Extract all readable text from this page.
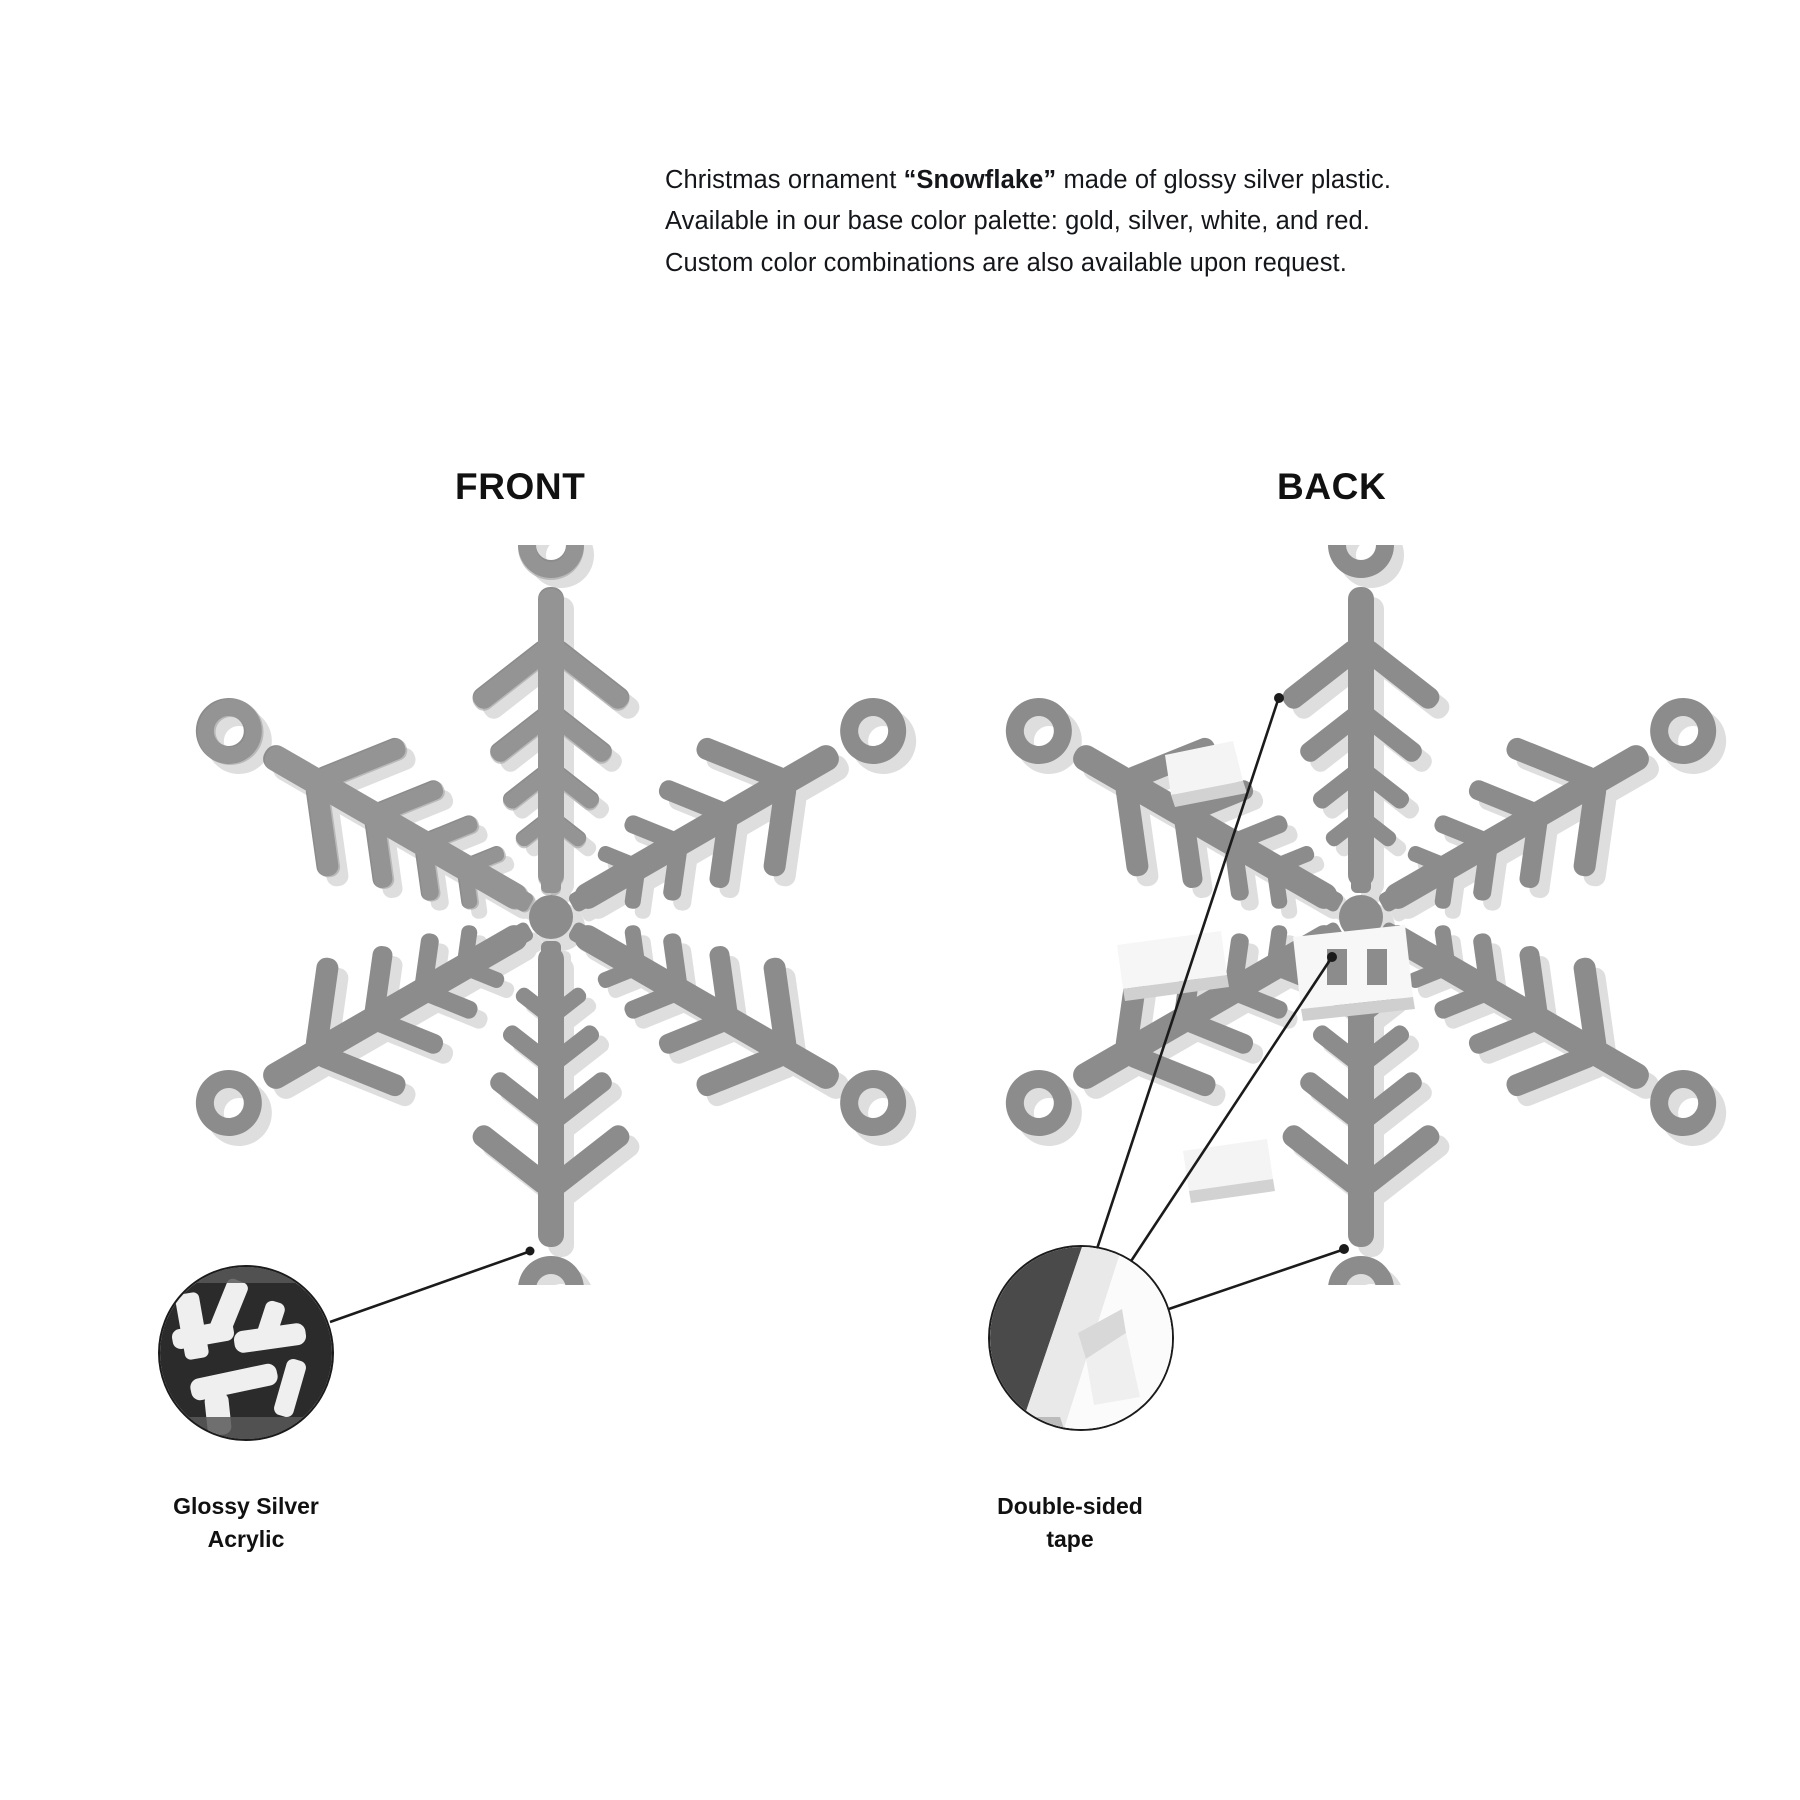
Christmas ornament “Snowflake” made of glossy silver plastic.
Available in our base color palette: gold, silver, white, and red.
Custom color combinations are also available upon request.
FRONT	BACK
Glossy Silver
Acrylic
Double-sided
tape
